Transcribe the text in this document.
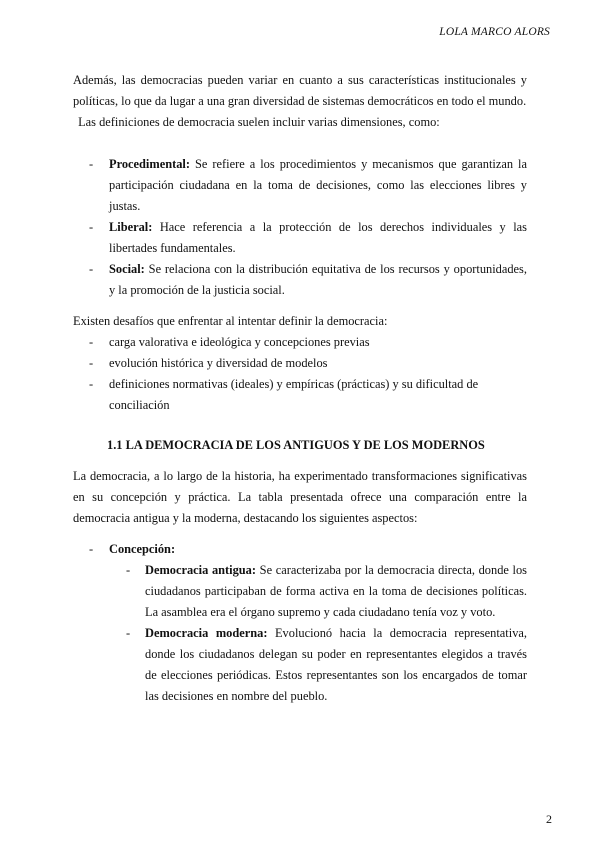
LOLA MARCO ALORS

Además, las democracias pueden variar en cuanto a sus características institucionales y políticas, lo que da lugar a una gran diversidad de sistemas democráticos en todo el mundo.

Las definiciones de democracia suelen incluir varias dimensiones, como:

- Procedimental: Se refiere a los procedimientos y mecanismos que garantizan la participación ciudadana en la toma de decisiones, como las elecciones libres y justas.
- Liberal: Hace referencia a la protección de los derechos individuales y las libertades fundamentales.
- Social: Se relaciona con la distribución equitativa de los recursos y oportunidades, y la promoción de la justicia social.

Existen desafíos que enfrentar al intentar definir la democracia:

- carga valorativa e ideológica y concepciones previas
- evolución histórica y diversidad de modelos
- definiciones normativas (ideales) y empíricas (prácticas) y su dificultad de conciliación
1.1 LA DEMOCRACIA DE LOS ANTIGUOS Y DE LOS MODERNOS

La democracia, a lo largo de la historia, ha experimentado transformaciones significativas en su concepción y práctica. La tabla presentada ofrece una comparación entre la democracia antigua y la moderna, destacando los siguientes aspectos:

- Concepción:
- Democracia antigua: Se caracterizaba por la democracia directa, donde los ciudadanos participaban de forma activa en la toma de decisiones políticas. La asamblea era el órgano supremo y cada ciudadano tenía voz y voto.
- Democracia moderna: Evolucionó hacia la democracia representativa, donde los ciudadanos delegan su poder en representantes elegidos a través de elecciones periódicas. Estos representantes son los encargados de tomar las decisiones en nombre del pueblo.
2
